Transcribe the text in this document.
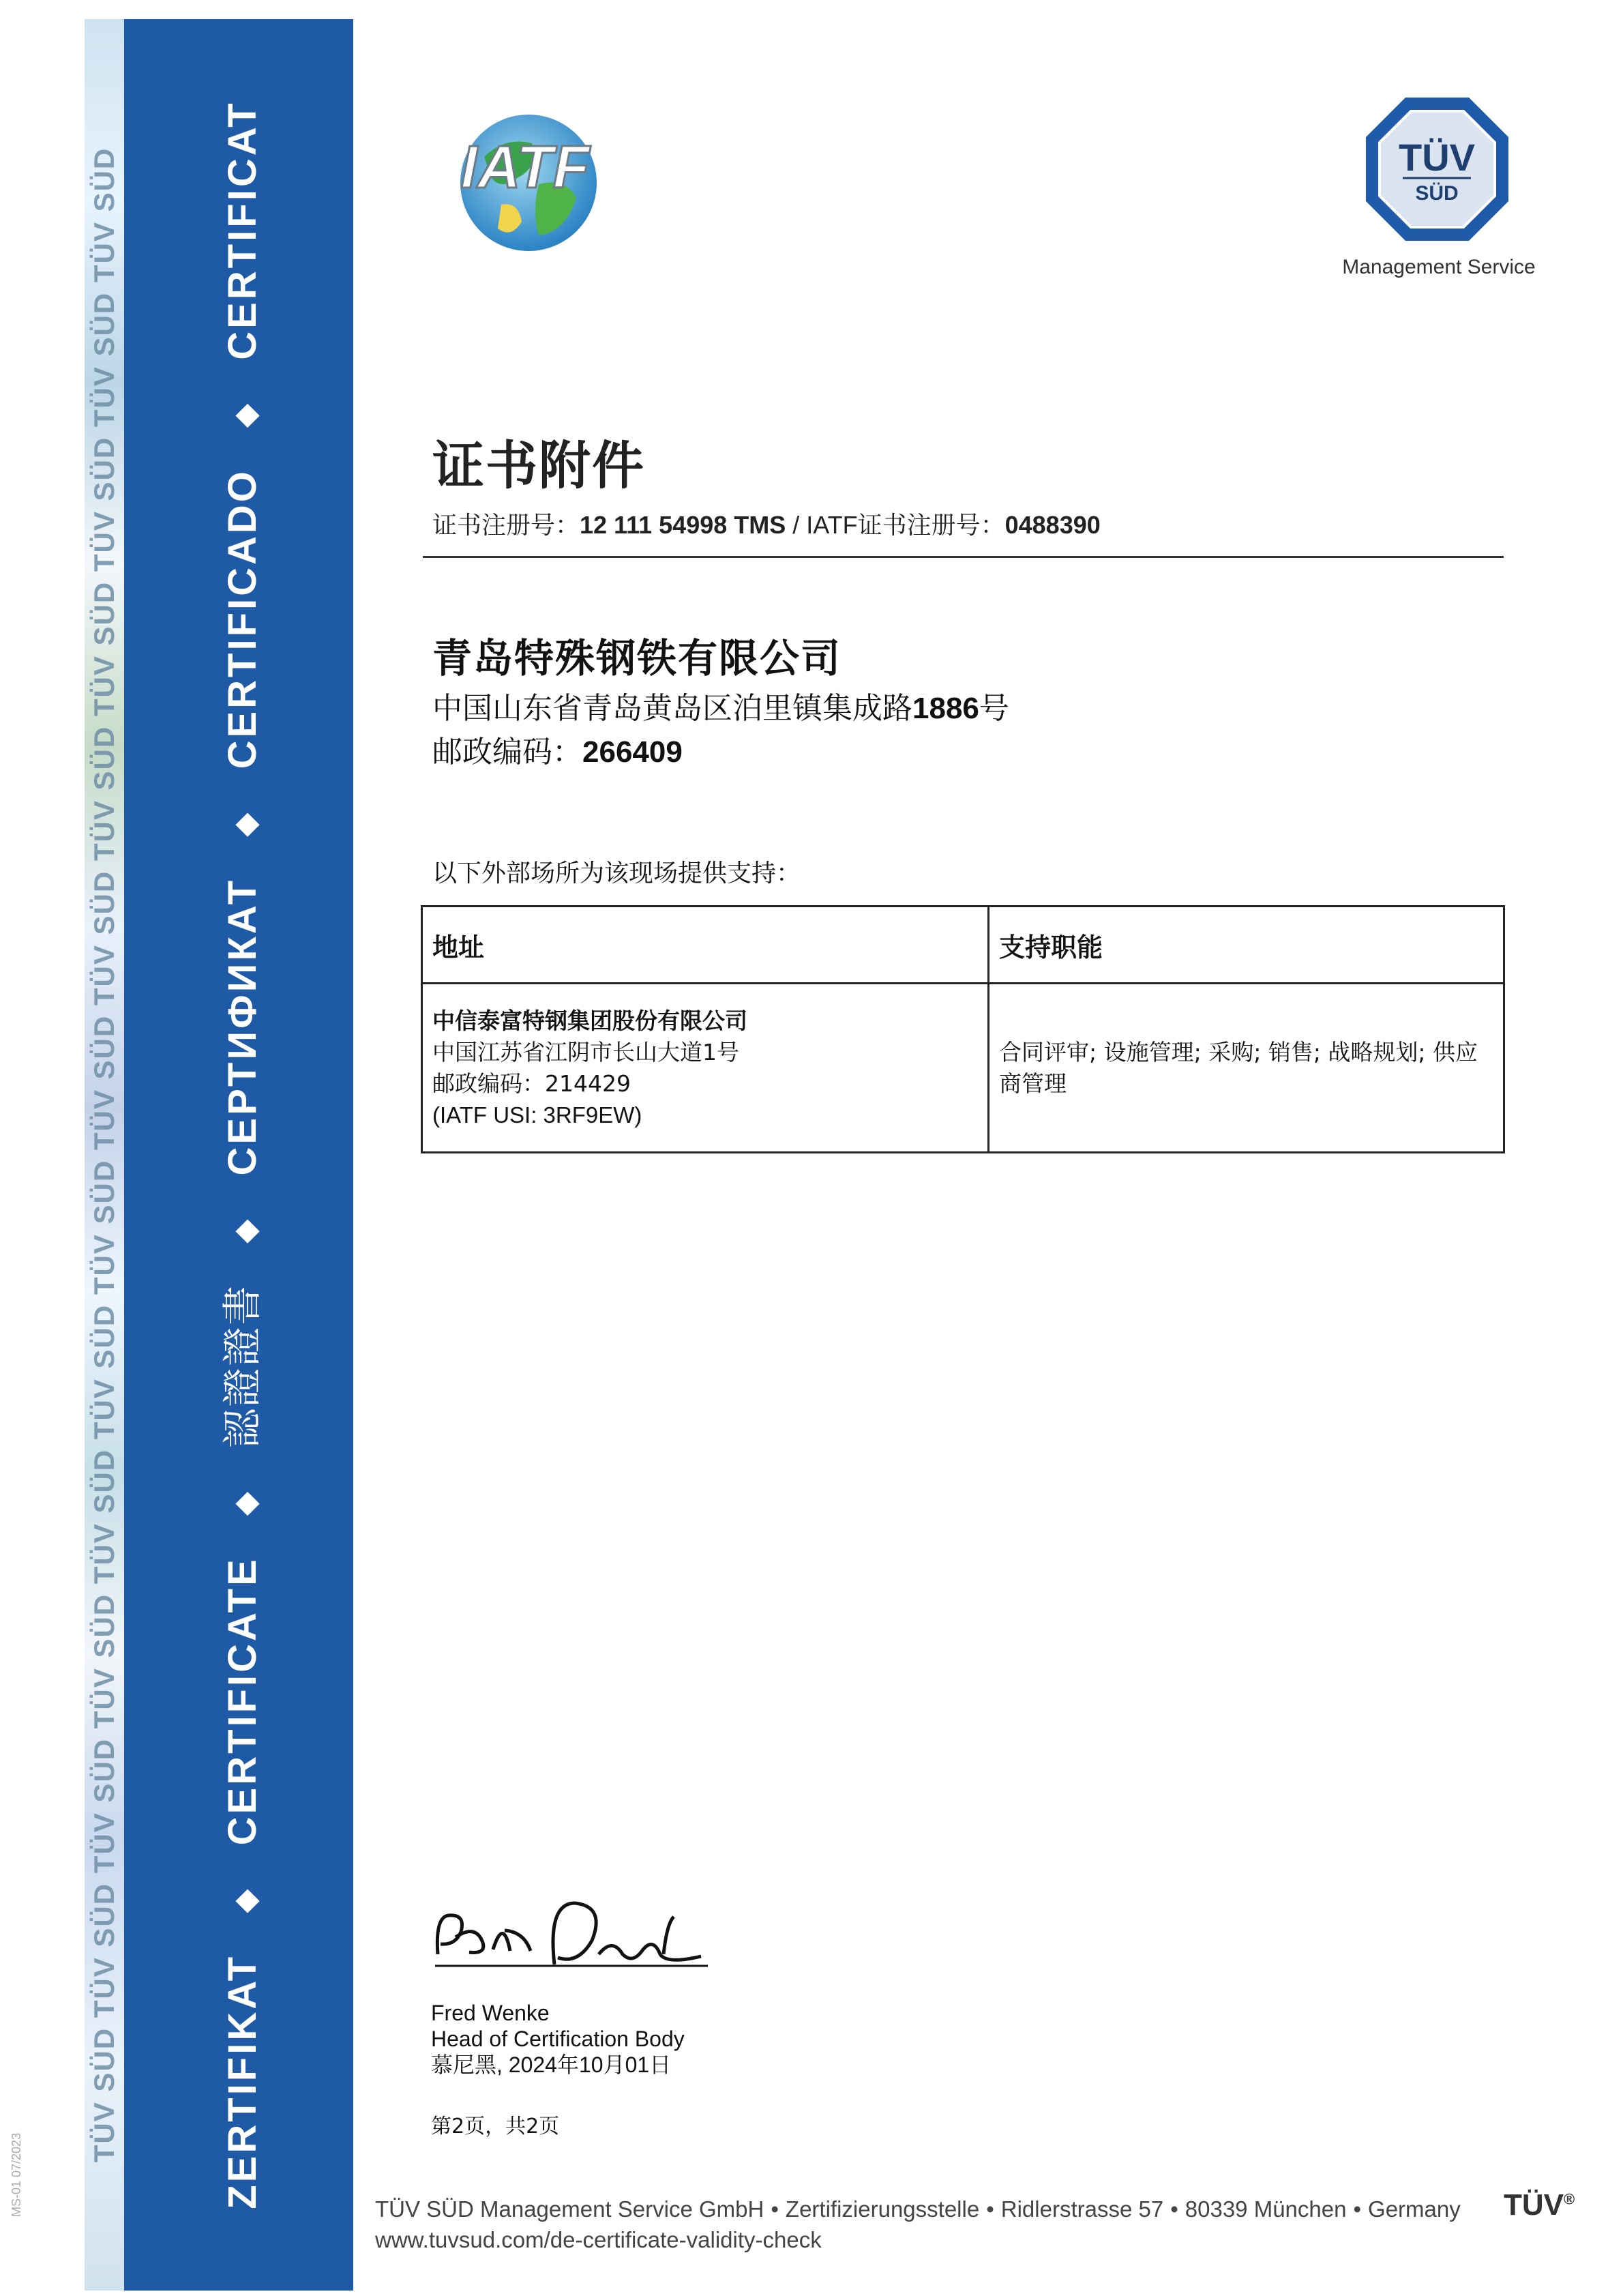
TÜV SÜD TÜV SÜD TÜV SÜD TÜV SÜD TÜV SÜD TÜV SÜD TÜV SÜD TÜV SÜD TÜV SÜD TÜV SÜD TÜV SÜD TÜV SÜD TÜV SÜD TÜV SÜD	ZERTIFIKAT◆CERTIFICATE◆認證證書◆СЕРТИФИКАТ◆CERTIFICADO◆CERTIFICAT	IATF	TÜV
SÜD
Management Service
证书附件
证书注册号：12 111 54998 TMS / IATF证书注册号：0488390
青岛特殊钢铁有限公司
中国山东省青岛黄岛区泊里镇集成路1886号
邮政编码：266409
以下外部场所为该现场提供支持：
地址	支持职能

中信泰富特钢集团股份有限公司
中国江苏省江阴市长山大道1号
邮政编码：214429
(IATF USI: 3RF9EW)	合同评审; 设施管理; 采购; 销售; 战略规划; 供应商管理
Fred Wenke
Head of Certification Body
慕尼黑, 2024年10月01日
第2页，共2页
TÜV SÜD Management Service GmbH • Zertifizierungsstelle • Ridlerstrasse 57 • 80339 München • Germany
www.tuvsud.com/de-certificate-validity-check
TÜV®
MS-01 07/2023
